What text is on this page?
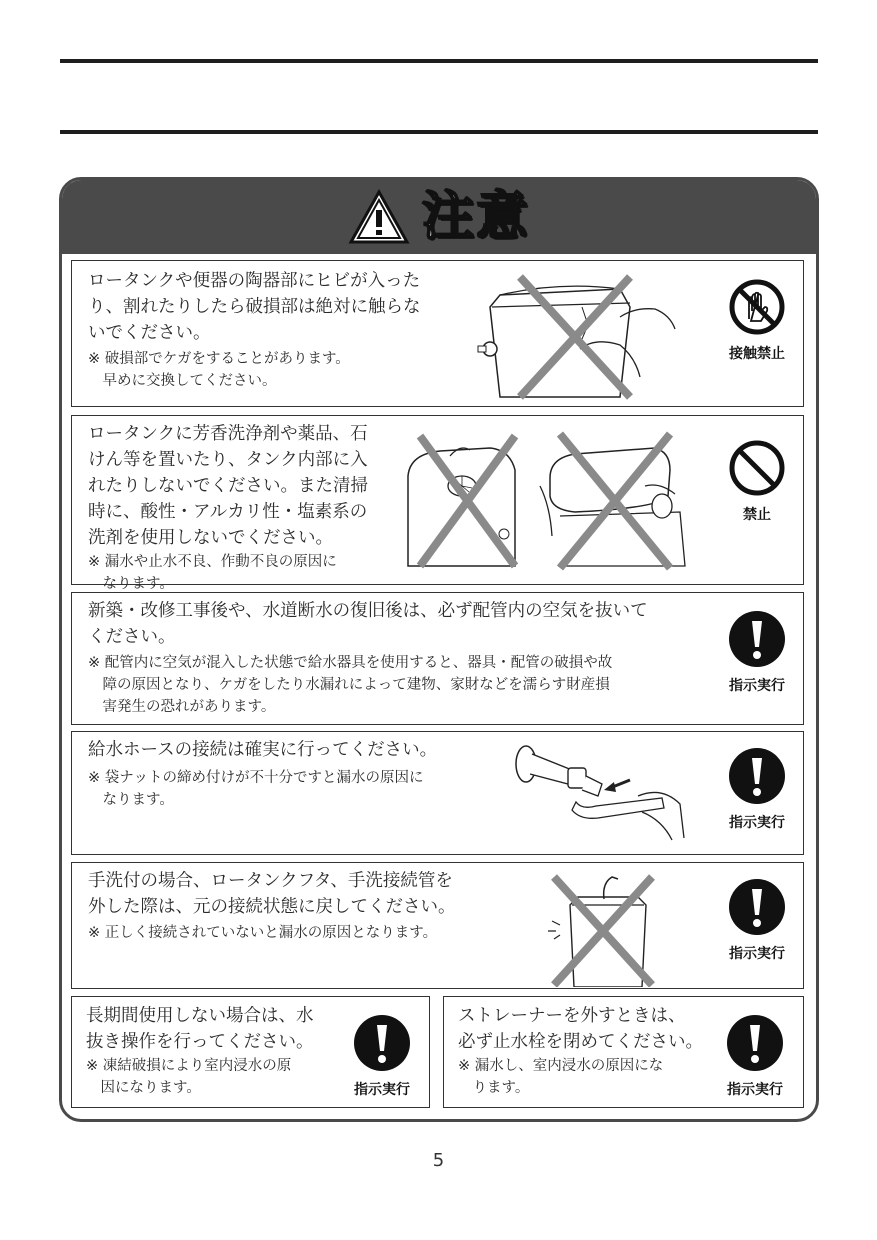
注意

ロータンクや便器の陶器部にヒビが入った

り、割れたりしたら破損部は絶対に触らな

いでください。

※ 破損部でケガをすることがあります。

　早めに交換してください。

接触禁止

ロータンクに芳香洗浄剤や薬品、石

けん等を置いたり、タンク内部に入

れたりしないでください。また清掃

時に、酸性・アルカリ性・塩素系の

洗剤を使用しないでください。

※ 漏水や止水不良、作動不良の原因に

　なります。

禁止

新築・改修工事後や、水道断水の復旧後は、必ず配管内の空気を抜いて

ください。

※ 配管内に空気が混入した状態で給水器具を使用すると、器具・配管の破損や故

　障の原因となり、ケガをしたり水漏れによって建物、家財などを濡らす財産損

　害発生の恐れがあります。

指示実行

給水ホースの接続は確実に行ってください。

※ 袋ナットの締め付けが不十分ですと漏水の原因に

　なります。

指示実行

手洗付の場合、ロータンクフタ、手洗接続管を

外した際は、元の接続状態に戻してください。

※ 正しく接続されていないと漏水の原因となります。

指示実行

長期間使用しない場合は、水

抜き操作を行ってください。

※ 凍結破損により室内浸水の原

　因になります。	指示実行

ストレーナーを外すときは、

必ず止水栓を閉めてください。

※ 漏水し、室内浸水の原因にな

　ります。	指示実行
5
